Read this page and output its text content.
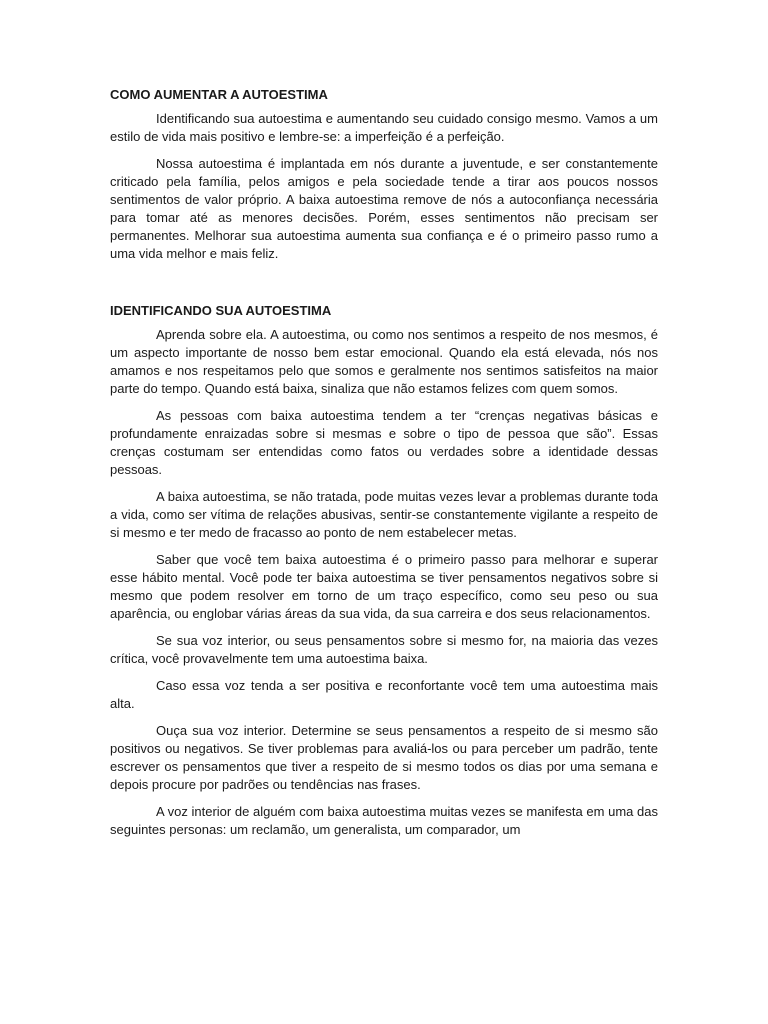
COMO AUMENTAR A AUTOESTIMA

Identificando sua autoestima e aumentando seu cuidado consigo mesmo. Vamos a um estilo de vida mais positivo e lembre-se: a imperfeição é a perfeição.

Nossa autoestima é implantada em nós durante a juventude, e ser constantemente criticado pela família, pelos amigos e pela sociedade tende a tirar aos poucos nossos sentimentos de valor próprio. A baixa autoestima remove de nós a autoconfiança necessária para tomar até as menores decisões. Porém, esses sentimentos não precisam ser permanentes. Melhorar sua autoestima aumenta sua confiança e é o primeiro passo rumo a uma vida melhor e mais feliz.

IDENTIFICANDO SUA AUTOESTIMA

Aprenda sobre ela. A autoestima, ou como nos sentimos a respeito de nos mesmos, é um aspecto importante de nosso bem estar emocional. Quando ela está elevada, nós nos amamos e nos respeitamos pelo que somos e geralmente nos sentimos satisfeitos na maior parte do tempo. Quando está baixa, sinaliza que não estamos felizes com quem somos.

As pessoas com baixa autoestima tendem a ter “crenças negativas básicas e profundamente enraizadas sobre si mesmas e sobre o tipo de pessoa que são”. Essas crenças costumam ser entendidas como fatos ou verdades sobre a identidade dessas pessoas.

A baixa autoestima, se não tratada, pode muitas vezes levar a problemas durante toda a vida, como ser vítima de relações abusivas, sentir-se constantemente vigilante a respeito de si mesmo e ter medo de fracasso ao ponto de nem estabelecer metas.

Saber que você tem baixa autoestima é o primeiro passo para melhorar e superar esse hábito mental. Você pode ter baixa autoestima se tiver pensamentos negativos sobre si mesmo que podem resolver em torno de um traço específico, como seu peso ou sua aparência, ou englobar várias áreas da sua vida, da sua carreira e dos seus relacionamentos.

Se sua voz interior, ou seus pensamentos sobre si mesmo for, na maioria das vezes crítica, você provavelmente tem uma autoestima baixa.

Caso essa voz tenda a ser positiva e reconfortante você tem uma autoestima mais alta.

Ouça sua voz interior. Determine se seus pensamentos a respeito de si mesmo são positivos ou negativos. Se tiver problemas para avaliá-los ou para perceber um padrão, tente escrever os pensamentos que tiver a respeito de si mesmo todos os dias por uma semana e depois procure por padrões ou tendências nas frases.

A voz interior de alguém com baixa autoestima muitas vezes se manifesta em uma das seguintes personas: um reclamão, um generalista, um comparador, um
